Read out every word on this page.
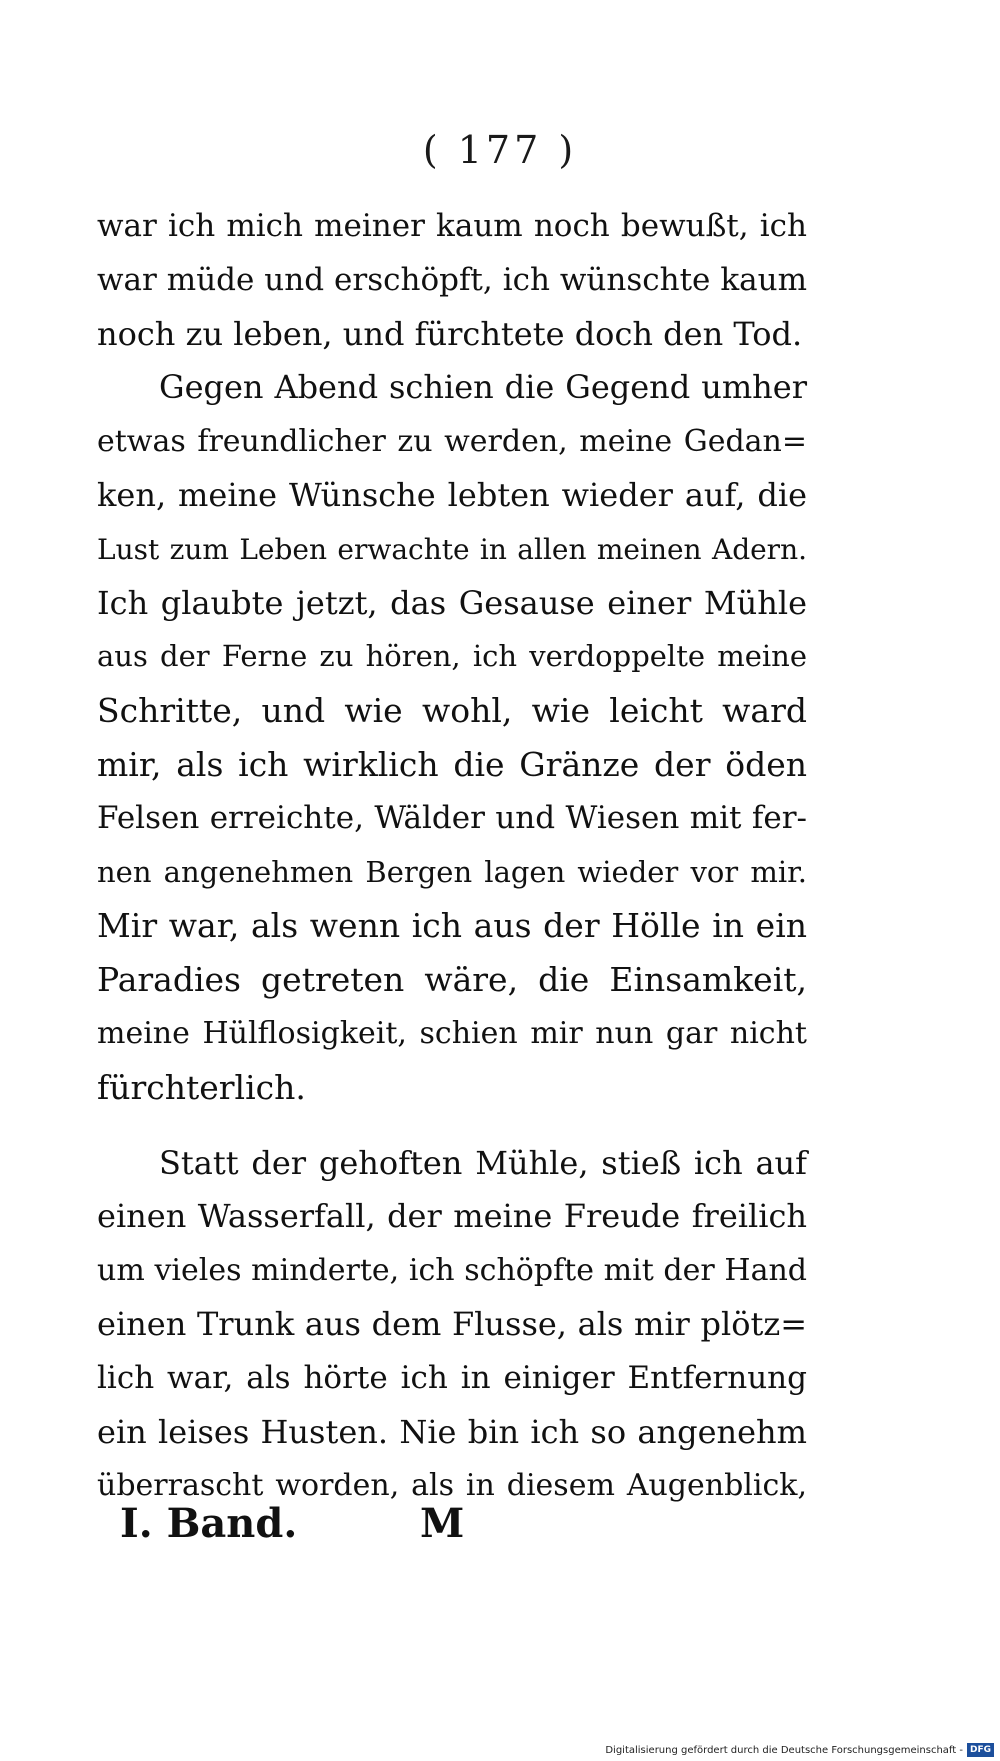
( 177 )
war ich mich meiner kaum noch bewußt, ich
war müde und erschöpft, ich wünschte kaum
noch zu leben, und fürchtete doch den Tod.
Gegen Abend schien die Gegend umher
etwas freundlicher zu werden, meine Gedan=
ken, meine Wünsche lebten wieder auf, die
Lust zum Leben erwachte in allen meinen Adern.
Ich glaubte jetzt, das Gesause einer Mühle
aus der Ferne zu hören, ich verdoppelte meine
Schritte, und wie wohl, wie leicht ward
mir, als ich wirklich die Gränze der öden
Felsen erreichte, Wälder und Wiesen mit fer-
nen angenehmen Bergen lagen wieder vor mir.
Mir war, als wenn ich aus der Hölle in ein
Paradies getreten wäre, die Einsamkeit,
meine Hülflosigkeit, schien mir nun gar nicht
fürchterlich.
Statt der gehoften Mühle, stieß ich auf
einen Wasserfall, der meine Freude freilich
um vieles minderte, ich schöpfte mit der Hand
einen Trunk aus dem Flusse, als mir plötz=
lich war, als hörte ich in einiger Entfernung
ein leises Husten. Nie bin ich so angenehm
überrascht worden, als in diesem Augenblick,
I. Band.	M
Digitalisierung gefördert durch die Deutsche Forschungsgemeinschaft - DFG
